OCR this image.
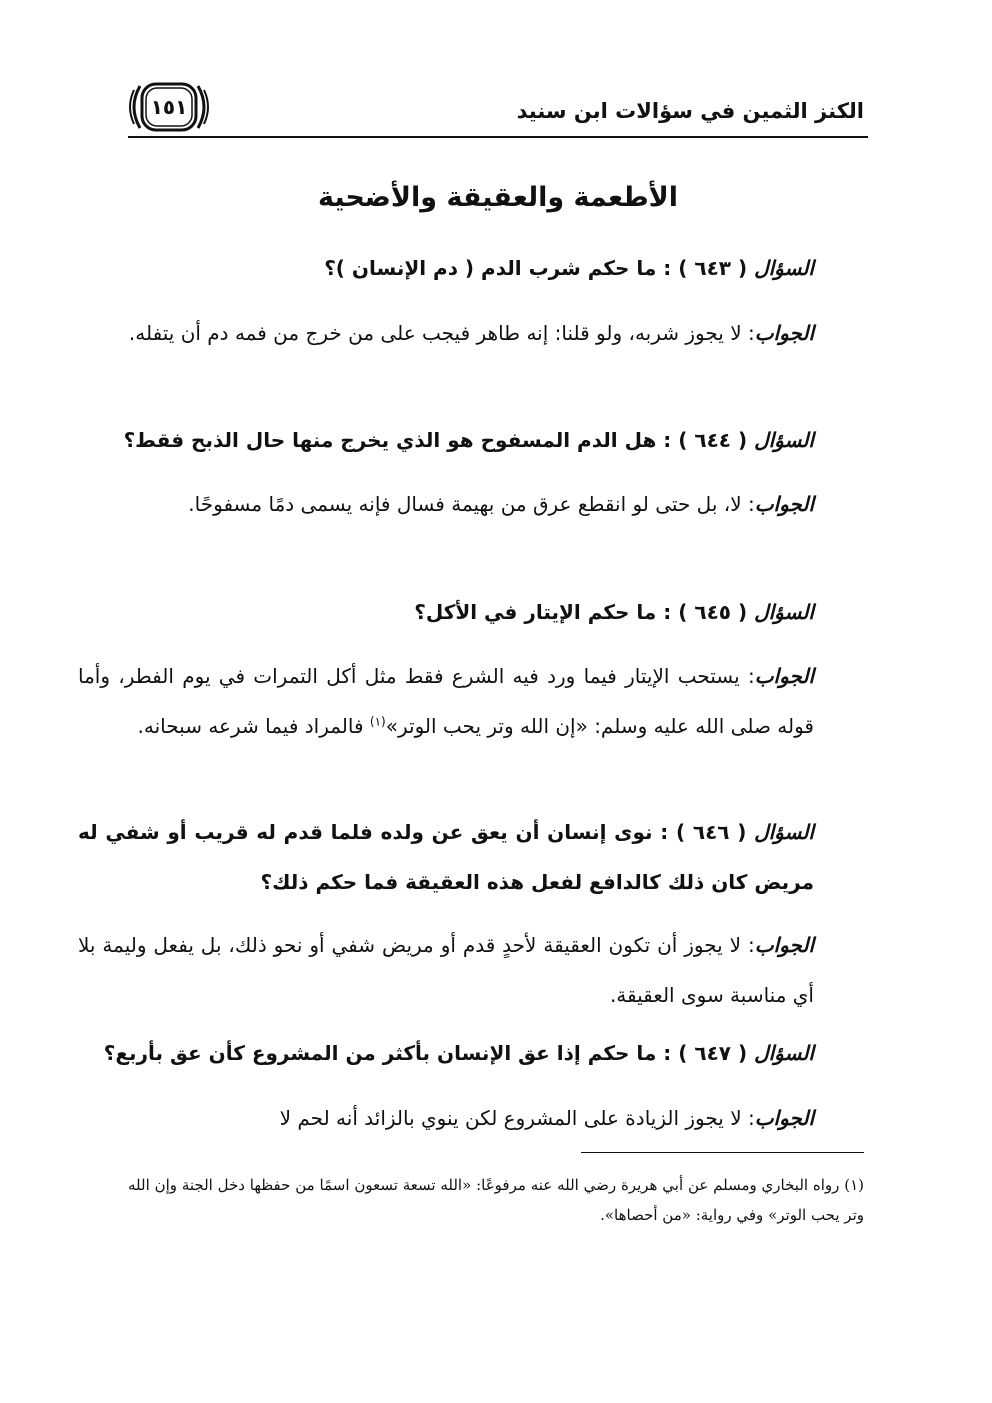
الكنز الثمين في سؤالات ابن سنيد
١٥١
الأطعمة والعقيقة والأضحية
السؤال ( ٦٤٣ ) : ما حكم شرب الدم ( دم الإنسان )؟
الجواب: لا يجوز شربه، ولو قلنا: إنه طاهر فيجب على من خرج من فمه دم أن يتفله.
السؤال ( ٦٤٤ ) : هل الدم المسفوح هو الذي يخرج منها حال الذبح فقط؟
الجواب: لا، بل حتى لو انقطع عرق من بهيمة فسال فإنه يسمى دمًا مسفوحًا.
السؤال ( ٦٤٥ ) : ما حكم الإيتار في الأكل؟
الجواب: يستحب الإيتار فيما ورد فيه الشرع فقط مثل أكل التمرات في يوم الفطر، وأما قوله صلى الله عليه وسلم: «إن الله وتر يحب الوتر»$^{(١)}$ فالمراد فيما شرعه سبحانه.
السؤال ( ٦٤٦ ) : نوى إنسان أن يعق عن ولده فلما قدم له قريب أو شفي له مريض كان ذلك كالدافع لفعل هذه العقيقة فما حكم ذلك؟
الجواب: لا يجوز أن تكون العقيقة لأحدٍ قدم أو مريض شفي أو نحو ذلك، بل يفعل وليمة بلا أي مناسبة سوى العقيقة.
السؤال ( ٦٤٧ ) : ما حكم إذا عق الإنسان بأكثر من المشروع كأن عق بأربع؟
الجواب: لا يجوز الزيادة على المشروع لكن ينوي بالزائد أنه لحم لا
(١) رواه البخاري ومسلم عن أبي هريرة رضي الله عنه مرفوعًا: «الله تسعة تسعون اسمًا من حفظها دخل الجنة وإن الله وتر يحب الوتر» وفي رواية: «من أحصاها».
